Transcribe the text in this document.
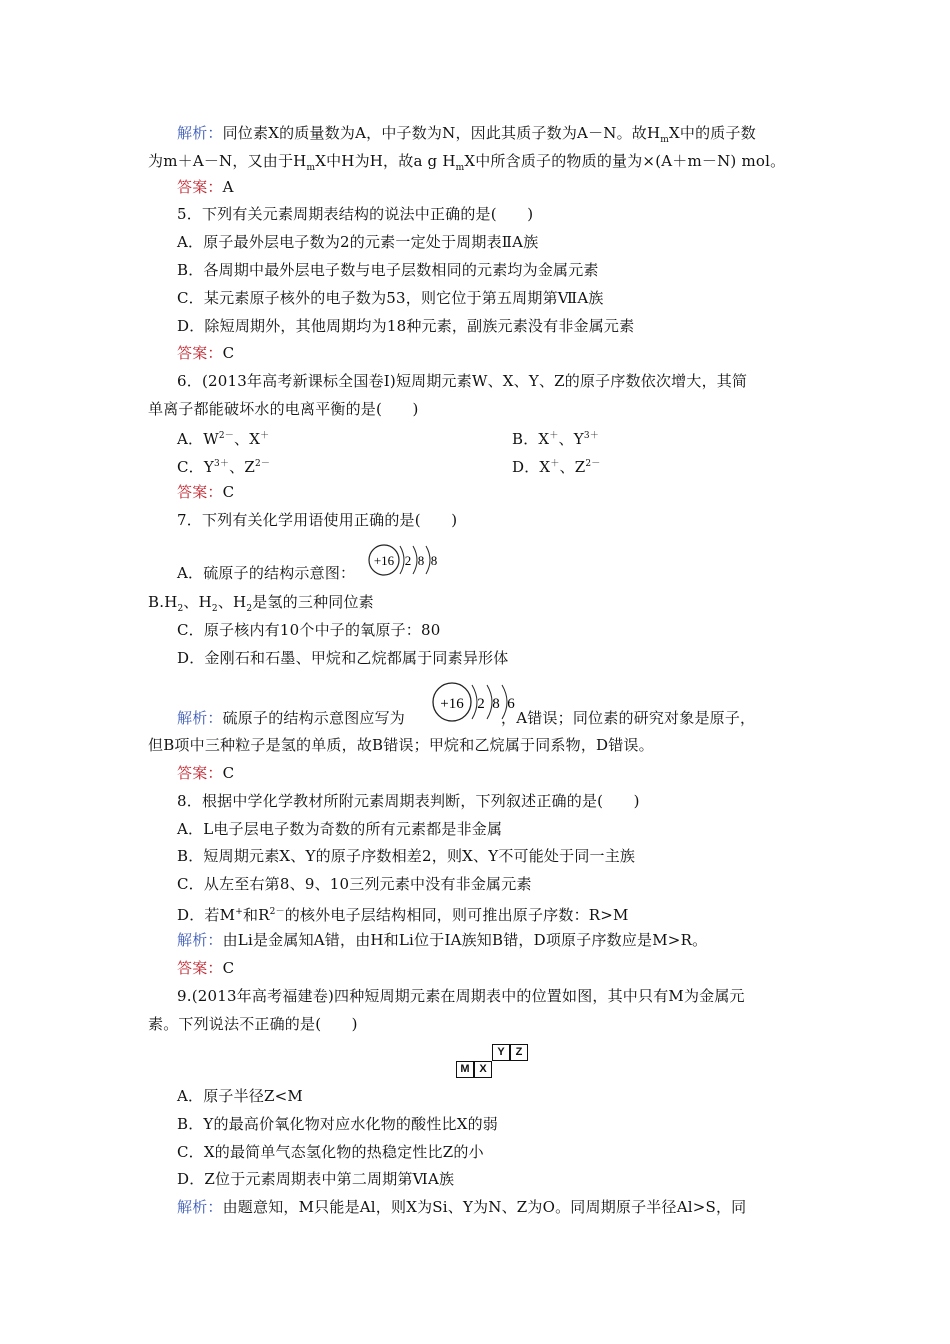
解析：同位素X的质量数为A，中子数为N，因此其质子数为A－N。故$H_mX$中的质子数
为m＋A－N，又由于$H_mX$中H为H，故a g $H_mX$中所含质子的物质的量为×(A＋m－N) mol。
答案：A
5．下列有关元素周期表结构的说法中正确的是(　　)
A．原子最外层电子数为2的元素一定处于周期表ⅡA族
B．各周期中最外层电子数与电子层数相同的元素均为金属元素
C．某元素原子核外的电子数为53，则它位于第五周期第ⅦA族
D．除短周期外，其他周期均为18种元素，副族元素没有非金属元素
答案：C
6．(2013年高考新课标全国卷Ⅰ)短周期元素W、X、Y、Z的原子序数依次增大，其简
单离子都能破坏水的电离平衡的是(　　)
A．$W^{2-}$、X＋	B．X＋、$Y^{3+}$
C．$Y^{3+}$、$Z^{2-}$	D．X＋、$Z^{2-}$
答案：C
7．下列有关化学用语使用正确的是(　　)
A．硫原子的结构示意图：
+16 2 8 8
$B.H_2$、$H_2$、$H_2$是氢的三种同位素
C．原子核内有10个中子的氧原子：80
D．金刚石和石墨、甲烷和乙烷都属于同素异形体
解析：硫原子的结构示意图应写为	，A错误；同位素的研究对象是原子，
+16 2 8 6
但B项中三种粒子是氢的单质，故B错误；甲烷和乙烷属于同系物，D错误。
答案：C
8．根据中学化学教材所附元素周期表判断，下列叙述正确的是(　　)
A．L电子层电子数为奇数的所有元素都是非金属
B．短周期元素X、Y的原子序数相差2，则X、Y不可能处于同一主族
C．从左至右第8、9、10三列元素中没有非金属元素
D．若M+和$R^{2-}$的核外电子层结构相同，则可推出原子序数：R>M
解析：由Li是金属知A错，由H和Li位于ⅠA族知B错，D项原子序数应是M>R。
答案：C
9.(2013年高考福建卷)四种短周期元素在周期表中的位置如图，其中只有M为金属元
素。下列说法不正确的是(　　)
Y Z
M X
A．原子半径Z<M
B．Y的最高价氧化物对应水化物的酸性比X的弱
C．X的最简单气态氢化物的热稳定性比Z的小
D．Z位于元素周期表中第二周期第ⅥA族
解析：由题意知，M只能是Al，则X为Si、Y为N、Z为O。同周期原子半径Al>S，同
